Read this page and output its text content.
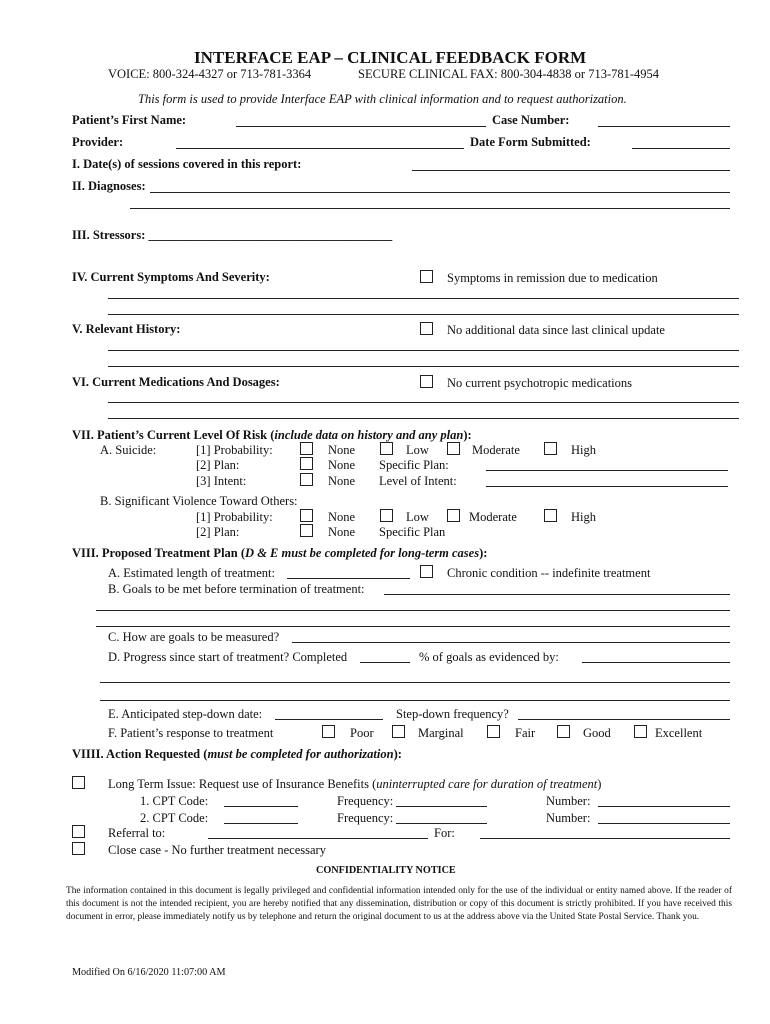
INTERFACE EAP – CLINICAL FEEDBACK FORM
VOICE: 800-324-4327 or 713-781-3364	SECURE CLINICAL FAX: 800-304-4838 or 713-781-4954
This form is used to provide Interface EAP with clinical information and to request authorization.
Patient’s First Name:	Case Number:
Provider:	Date Form Submitted:
I. Date(s) of sessions covered in this report:
II. Diagnoses:
III. Stressors: _______________________________________
IV. Current Symptoms And Severity:	Symptoms in remission due to medication
V. Relevant History:	No additional data since last clinical update
VI. Current Medications And Dosages:	No current psychotropic medications
VII. Patient’s Current Level Of Risk (include data on history and any plan):
A. Suicide:	[1] Probability:	None	Low	Moderate	High
[2] Plan:	None Specific Plan:
[3] Intent:	None Level of Intent:
B. Significant Violence Toward Others:
[1] Probability:	None	Low	Moderate	High
[2] Plan:	None Specific Plan
VIII. Proposed Treatment Plan (D & E must be completed for long-term cases):
A. Estimated length of treatment:	Chronic condition -- indefinite treatment
B. Goals to be met before termination of treatment:
C. How are goals to be measured?
D. Progress since start of treatment? Completed	% of goals as evidenced by:
E. Anticipated step-down date:	Step-down frequency?
F. Patient’s response to treatment	Poor	Marginal	Fair	Good	Excellent
VIIII. Action Requested (must be completed for authorization):
Long Term Issue: Request use of Insurance Benefits (uninterrupted care for duration of treatment)
1. CPT Code:	Frequency:	Number:
2. CPT Code:	Frequency:	Number:
Referral to:	For:
Close case - No further treatment necessary
CONFIDENTIALITY NOTICE
The information contained in this document is legally privileged and confidential information intended only for the use of the individual or entity named above. If the reader of this document is not the intended recipient, you are hereby notified that any dissemination, distribution or copy of this document is strictly prohibited. If you have received this document in error, please immediately notify us by telephone and return the original document to us at the address above via the United State Postal Service. Thank you.
Modified On 6/16/2020 11:07:00 AM
